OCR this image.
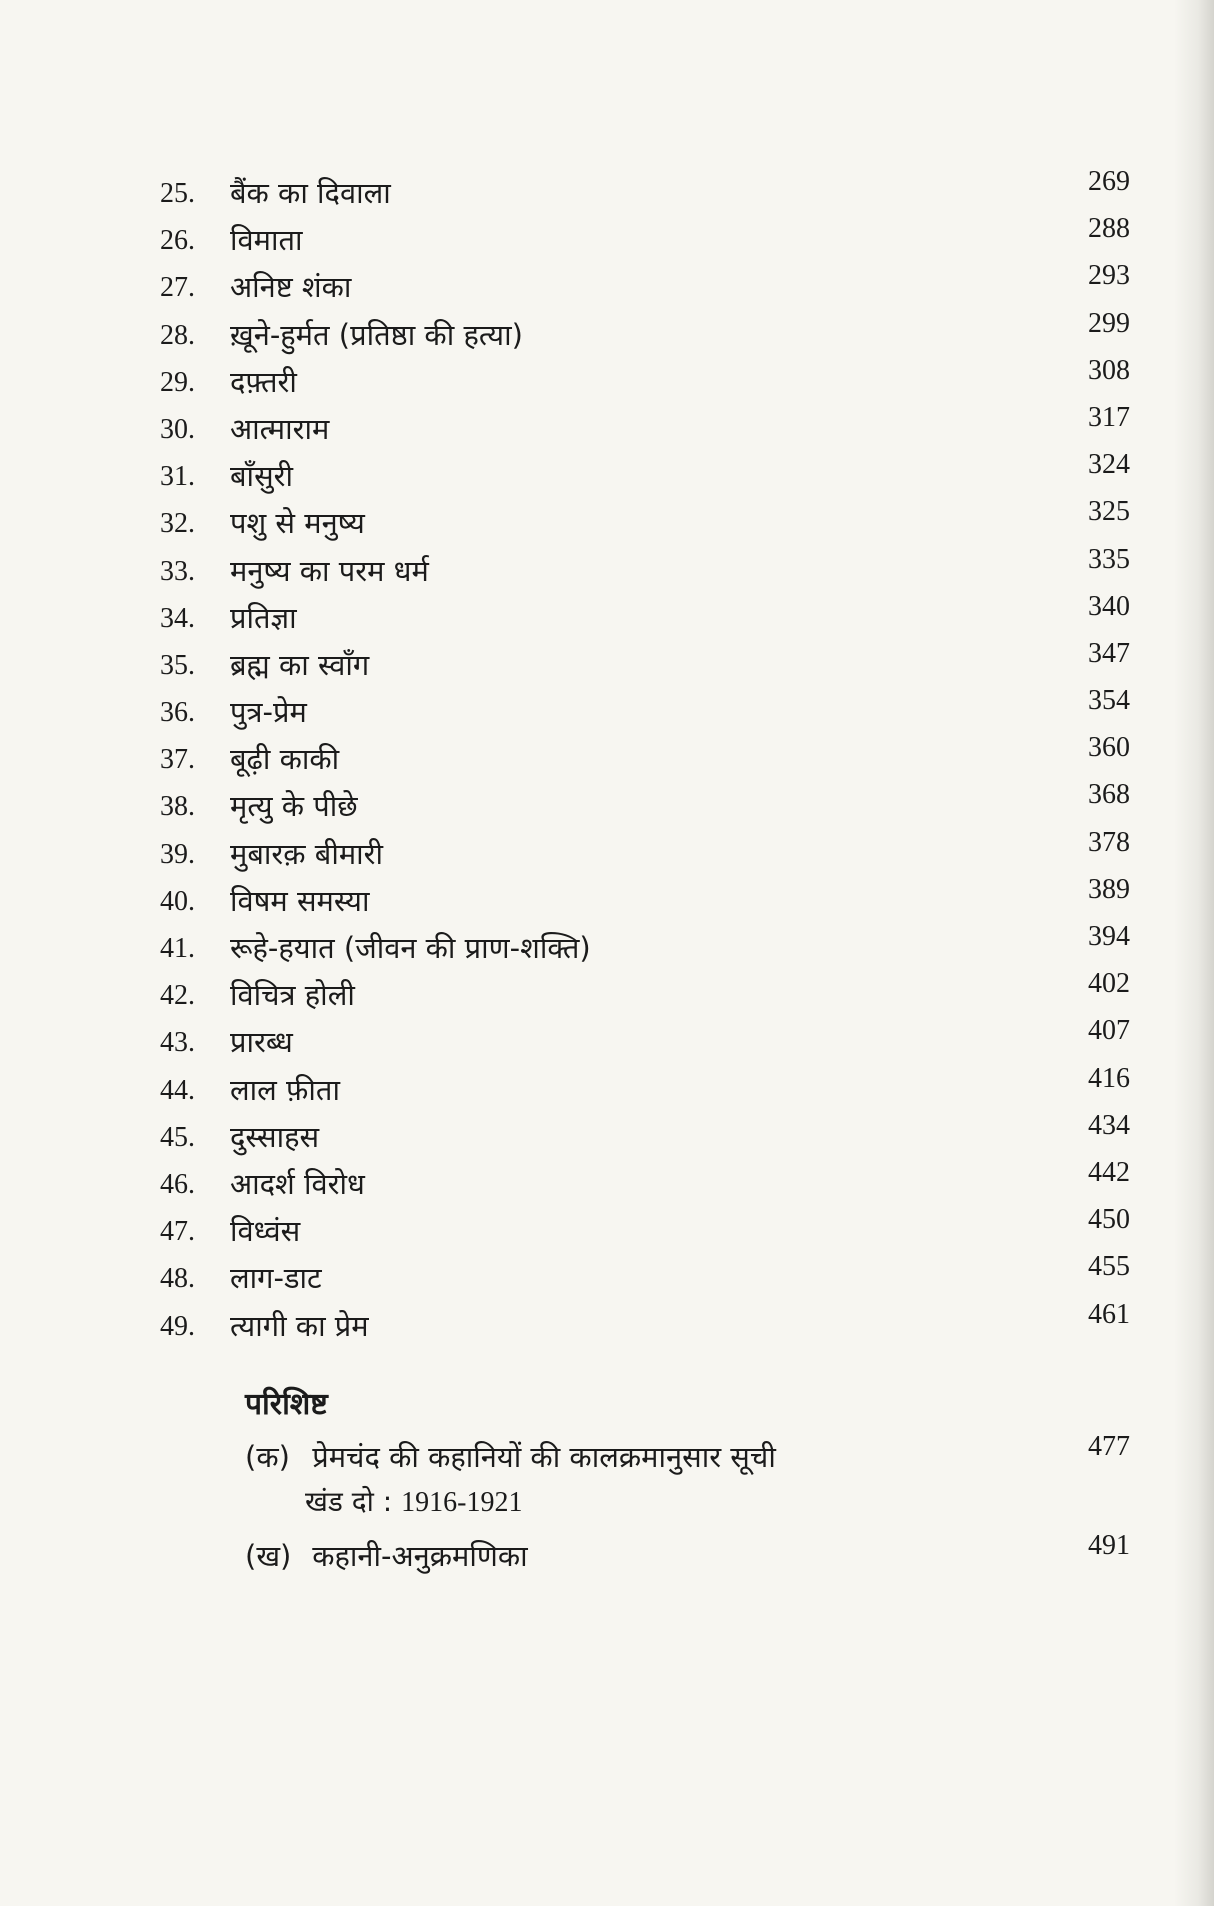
25.	बैंक का दिवाला	269
26.	विमाता	288
27.	अनिष्ट शंका	293
28.	ख़ूने-हुर्मत (प्रतिष्ठा की हत्या)	299
29.	दफ़्तरी	308
30.	आत्माराम	317
31.	बाँसुरी	324
32.	पशु से मनुष्य	325
33.	मनुष्य का परम धर्म	335
34.	प्रतिज्ञा	340
35.	ब्रह्म का स्वाँग	347
36.	पुत्र-प्रेम	354
37.	बूढ़ी काकी	360
38.	मृत्यु के पीछे	368
39.	मुबारक़ बीमारी	378
40.	विषम समस्या	389
41.	रूहे-हयात (जीवन की प्राण-शक्ति)	394
42.	विचित्र होली	402
43.	प्रारब्ध	407
44.	लाल फ़ीता	416
45.	दुस्साहस	434
46.	आदर्श विरोध	442
47.	विध्वंस	450
48.	लाग-डाट	455
49.	त्यागी का प्रेम	461
परिशिष्ट
(क) प्रेमचंद की कहानियों की कालक्रमानुसार सूची	477
खंड दो : 1916-1921
(ख) कहानी-अनुक्रमणिका	491
